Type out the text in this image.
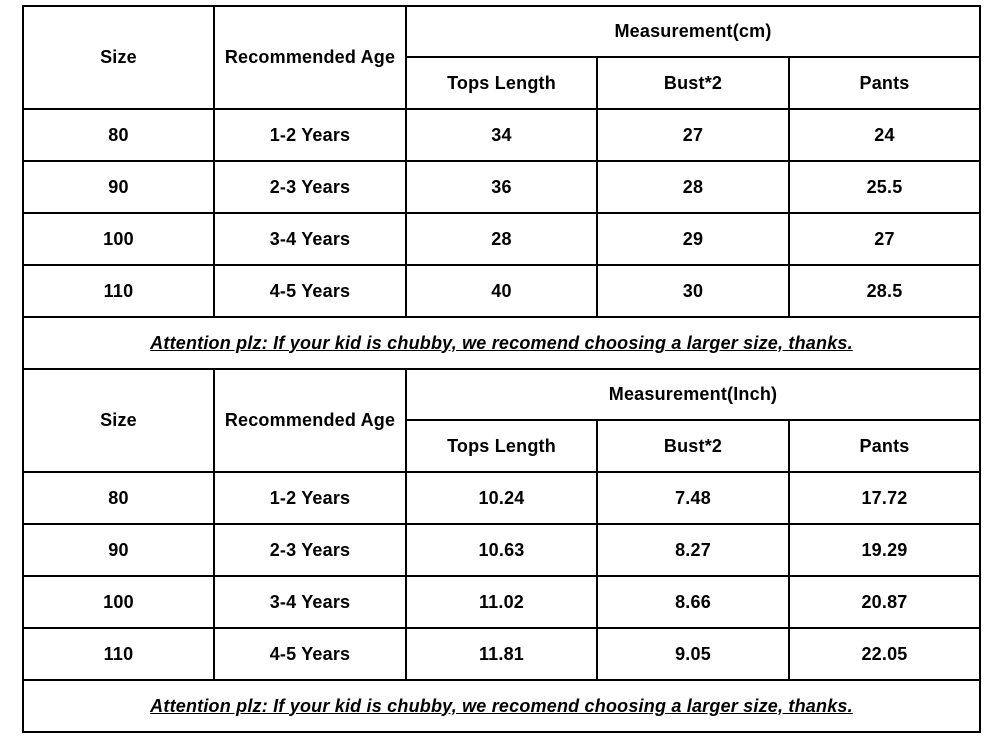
Size	Recommended Age	Measurement(cm)		
		Tops Length	Bust*2	Pants
80	1-2 Years	34	27	24
90	2-3 Years	36	28	25.5
100	3-4 Years	28	29	27
110	4-5 Years	40	30	28.5
Attention plz: If your kid is chubby, we recomend choosing a larger size, thanks.				
Size	Recommended Age	Measurement(Inch)		
		Tops Length	Bust*2	Pants
80	1-2 Years	10.24	7.48	17.72
90	2-3 Years	10.63	8.27	19.29
100	3-4 Years	11.02	8.66	20.87
110	4-5 Years	11.81	9.05	22.05
Attention plz: If your kid is chubby, we recomend choosing a larger size, thanks.				
